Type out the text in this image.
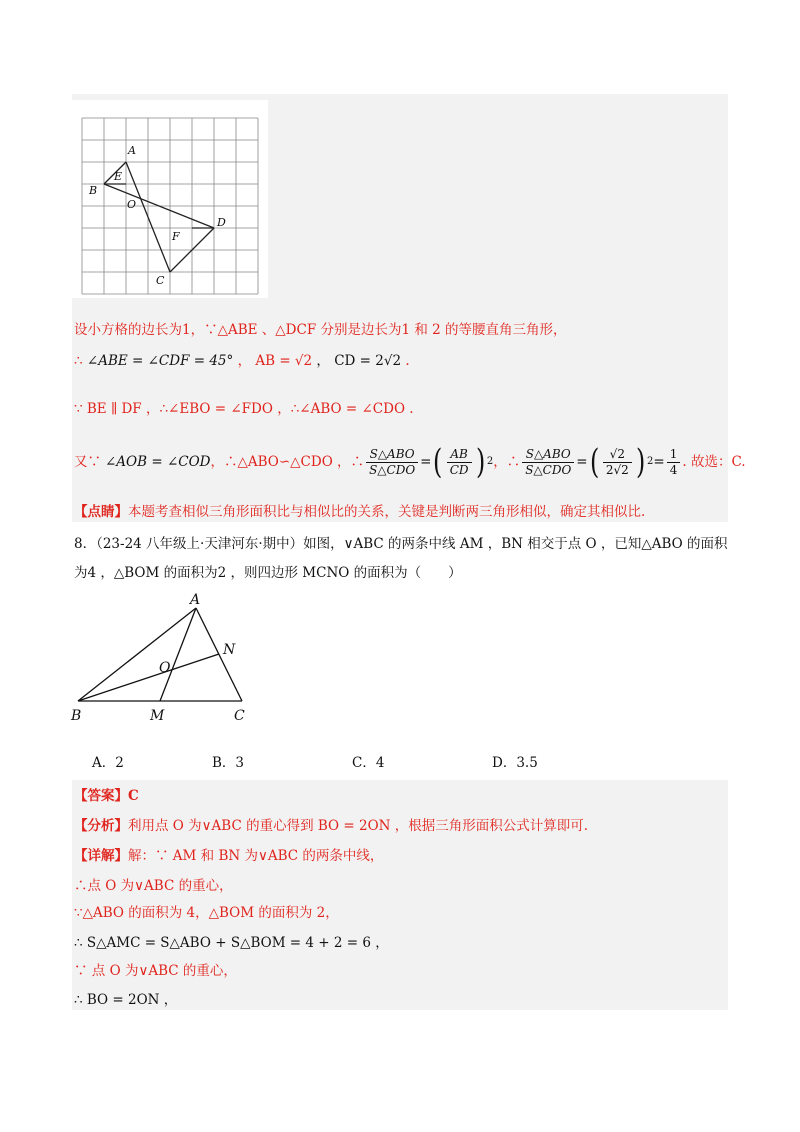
A
E
B
O
D
F
C
设小方格的边长为1，∵△ABE 、△DCF 分别是边长为1 和 2 的等腰直角三角形，
∴ ∠ABE = ∠CDF = 45° ， AB = √2 ， CD = 2√2 .
∵ BE ∥ DF ，∴∠EBO = ∠FDO ，∴∠ABO = ∠CDO .
又∵ ∠AOB = ∠COD ，∴△ABO∽△CDO ，∴ $\frac{\text{S△ABO}}{\text{S△CDO}}$ = ( $\frac{AB}{CD}$ ) 2 ，∴ $\frac{\text{S△ABO}}{\text{S△CDO}}$ = ( $\frac{√2}{2√2}$ ) $2 = \frac{1}{4}$ . 故选：C.
【点睛】本题考查相似三角形面积比与相似比的关系，关键是判断两三角形相似，确定其相似比.
8．（23-24 八年级上·天津河东·期中）如图，∨ABC 的两条中线 AM ，BN 相交于点 O ，已知△ABO 的面积
为4 ，△BOM 的面积为2 ，则四边形 MCNO 的面积为（　　）
A
N
O
B	M	C
A．2	B．3	C．4	D．3.5
【答案】C
【分析】利用点 O 为∨ABC 的重心得到 BO = 2ON ，根据三角形面积公式计算即可.
【详解】解：∵ AM 和 BN 为∨ABC 的两条中线，
∴点 O 为∨ABC 的重心，
∵△ABO 的面积为 4，△BOM 的面积为 2，
∴ S△AMC = S△ABO + S△BOM = 4 + 2 = 6 ，
∵ 点 O 为∨ABC 的重心，
∴ BO = 2ON ，
